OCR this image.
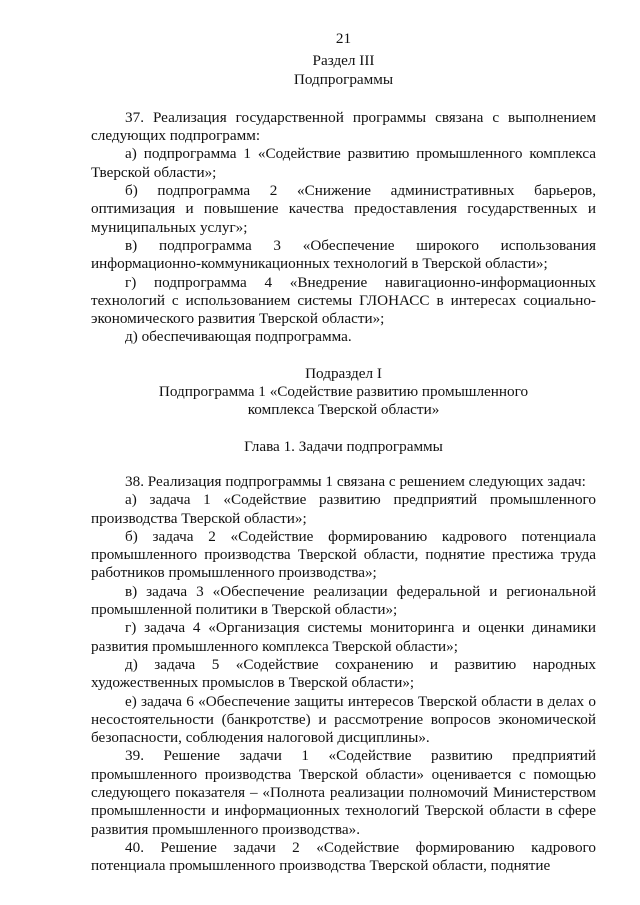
21
Раздел III
Подпрограммы

37. Реализация государственной программы связана с выполнением следующих подпрограмм:

а) подпрограмма 1 «Содействие развитию промышленного комплекса Тверской области»;

б) подпрограмма 2 «Снижение административных барьеров, оптимизация и повышение качества предоставления государственных и муниципальных услуг»;

в) подпрограмма 3 «Обеспечение широкого использования информационно-коммуникационных технологий в Тверской области»;

г) подпрограмма 4 «Внедрение навигационно-информационных технологий с использованием системы ГЛОНАСС в интересах социально-экономического развития Тверской области»;

д) обеспечивающая подпрограмма.

Подраздел I
Подпрограмма 1 «Содействие развитию промышленного комплекса Тверской области»
Глава 1. Задачи подпрограммы

38. Реализация подпрограммы 1 связана с решением следующих задач:

а) задача 1 «Содействие развитию предприятий промышленного производства Тверской области»;

б) задача 2 «Содействие формированию кадрового потенциала промышленного производства Тверской области, поднятие престижа труда работников промышленного производства»;

в) задача 3 «Обеспечение реализации федеральной и региональной промышленной политики в Тверской области»;

г) задача 4 «Организация системы мониторинга и оценки динамики развития промышленного комплекса Тверской области»;

д) задача 5 «Содействие сохранению и развитию народных художественных промыслов в Тверской области»;

е) задача 6 «Обеспечение защиты интересов Тверской области в делах о несостоятельности (банкротстве) и рассмотрение вопросов экономической безопасности, соблюдения налоговой дисциплины».

39. Решение задачи 1 «Содействие развитию предприятий промышленного производства Тверской области» оценивается с помощью следующего показателя – «Полнота реализации полномочий Министерством промышленности и информационных технологий Тверской области в сфере развития промышленного производства».

40. Решение задачи 2 «Содействие формированию кадрового потенциала промышленного производства Тверской области, поднятие
